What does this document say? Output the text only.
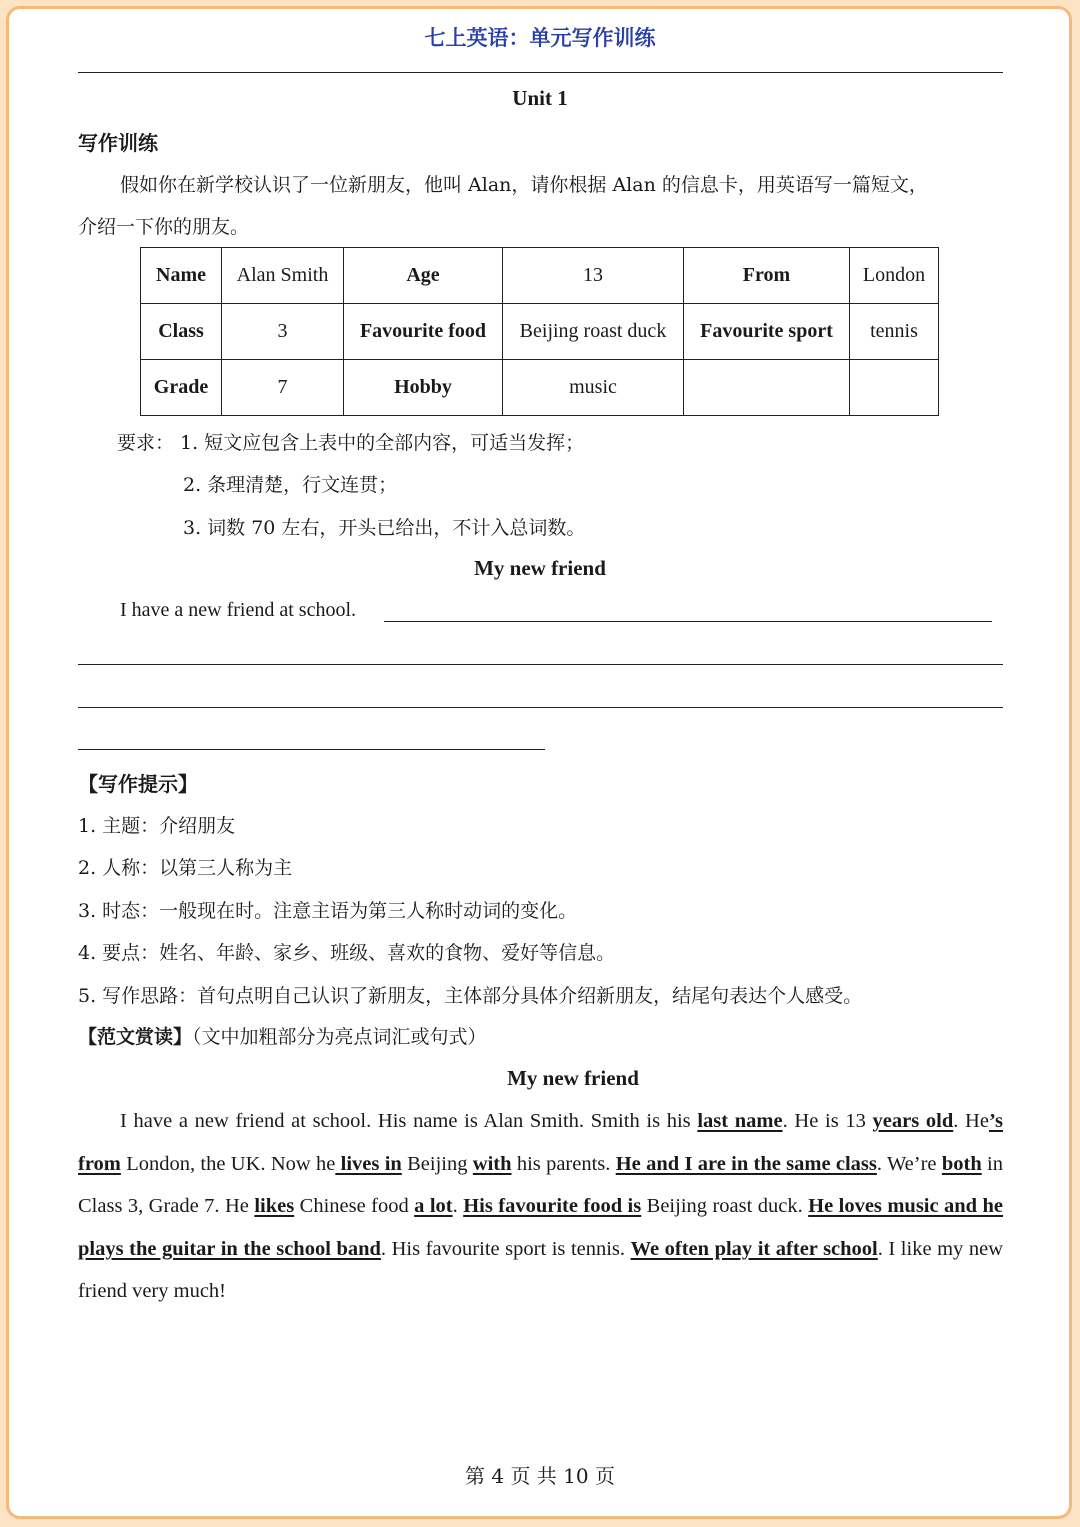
七上英语：单元写作训练
Unit 1
写作训练
假如你在新学校认识了一位新朋友，他叫 Alan，请你根据 Alan 的信息卡，用英语写一篇短文，
介绍一下你的朋友。
Name	Alan Smith	Age	13	From	London
Class	3	Favourite food	Beijing roast duck	Favourite sport	tennis
Grade	7	Hobby	music		
要求： 1. 短文应包含上表中的全部内容，可适当发挥；
2. 条理清楚，行文连贯；
3. 词数 70 左右，开头已给出，不计入总词数。
My new friend
I have a new friend at school.
【写作提示】
1. 主题：介绍朋友
2. 人称：以第三人称为主
3. 时态：一般现在时。注意主语为第三人称时动词的变化。
4. 要点：姓名、年龄、家乡、班级、喜欢的食物、爱好等信息。
5. 写作思路：首句点明自己认识了新朋友，主体部分具体介绍新朋友，结尾句表达个人感受。
【范文赏读】（文中加粗部分为亮点词汇或句式）
My new friend
I have a new friend at school. His name is Alan Smith. Smith is his last name. He is 13 years old. He’s from London, the UK. Now he lives in Beijing with his parents. He and I are in the same class. We’re both in Class 3, Grade 7. He likes Chinese food a lot. His favourite food is Beijing roast duck. He loves music and he plays the guitar in the school band. His favourite sport is tennis. We often play it after school. I like my new friend very much!
第 4 页 共 10 页
